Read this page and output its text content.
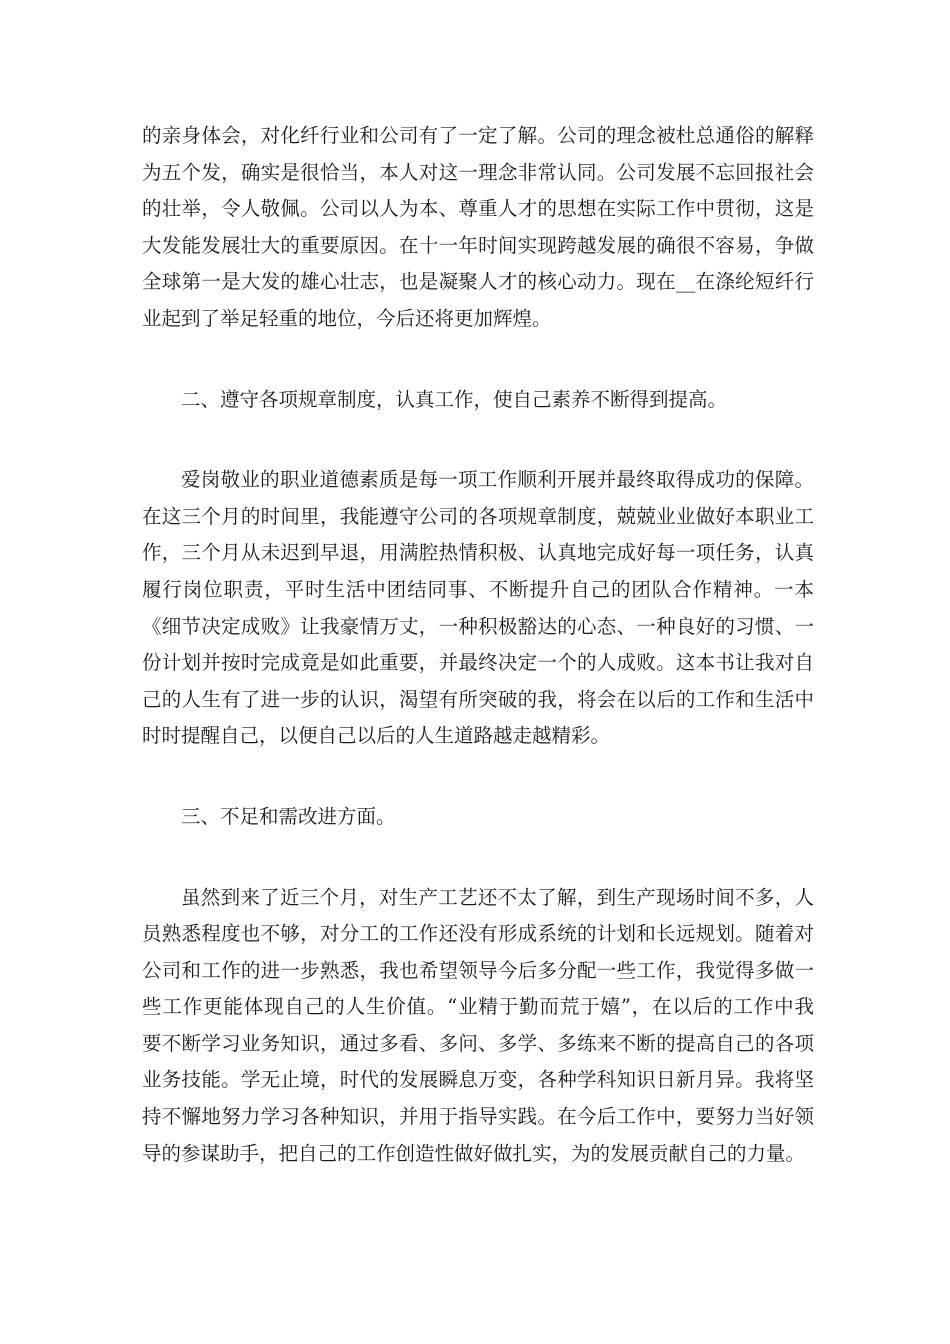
的亲身体会，对化纤行业和公司有了一定了解。公司的理念被杜总通俗的解释
为五个发，确实是很恰当，本人对这一理念非常认同。公司发展不忘回报社会
的壮举，令人敬佩。公司以人为本、尊重人才的思想在实际工作中贯彻，这是
大发能发展壮大的重要原因。在十一年时间实现跨越发展的确很不容易，争做
全球第一是大发的雄心壮志，也是凝聚人才的核心动力。现在__在涤纶短纤行
业起到了举足轻重的地位，今后还将更加辉煌。
二、遵守各项规章制度，认真工作，使自己素养不断得到提高。
爱岗敬业的职业道德素质是每一项工作顺利开展并最终取得成功的保障。
在这三个月的时间里，我能遵守公司的各项规章制度，兢兢业业做好本职业工
作，三个月从未迟到早退，用满腔热情积极、认真地完成好每一项任务，认真
履行岗位职责，平时生活中团结同事、不断提升自己的团队合作精神。一本
《细节决定成败》让我豪情万丈，一种积极豁达的心态、一种良好的习惯、一
份计划并按时完成竟是如此重要，并最终决定一个的人成败。这本书让我对自
己的人生有了进一步的认识，渴望有所突破的我，将会在以后的工作和生活中
时时提醒自己，以便自己以后的人生道路越走越精彩。
三、不足和需改进方面。
虽然到来了近三个月，对生产工艺还不太了解，到生产现场时间不多，人
员熟悉程度也不够，对分工的工作还没有形成系统的计划和长远规划。随着对
公司和工作的进一步熟悉，我也希望领导今后多分配一些工作，我觉得多做一
些工作更能体现自己的人生价值。“业精于勤而荒于嬉”，在以后的工作中我
要不断学习业务知识，通过多看、多问、多学、多练来不断的提高自己的各项
业务技能。学无止境，时代的发展瞬息万变，各种学科知识日新月异。我将坚
持不懈地努力学习各种知识，并用于指导实践。在今后工作中，要努力当好领
导的参谋助手，把自己的工作创造性做好做扎实，为的发展贡献自己的力量。
